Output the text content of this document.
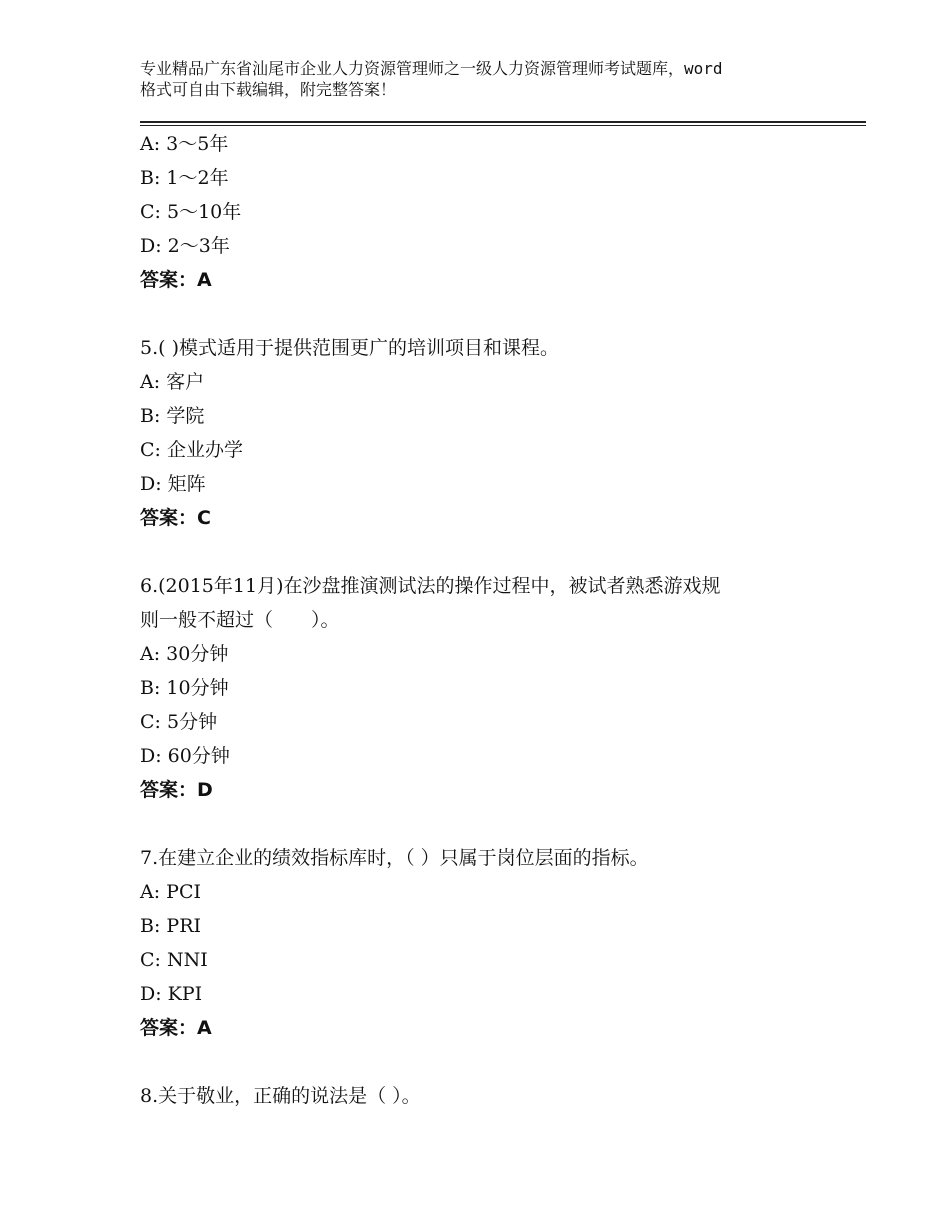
专业精品广东省汕尾市企业人力资源管理师之一级人力资源管理师考试题库，word
格式可自由下载编辑，附完整答案！
A: 3～5年
B: 1～2年
C: 5～10年
D: 2～3年
答案：A
5.( )模式适用于提供范围更广的培训项目和课程。
A: 客户
B: 学院
C: 企业办学
D: 矩阵
答案：C
6.(2015年11月)在沙盘推演测试法的操作过程中，被试者熟悉游戏规
则一般不超过（　　）。
A: 30分钟
B: 10分钟
C: 5分钟
D: 60分钟
答案：D
7.在建立企业的绩效指标库时，（ ）只属于岗位层面的指标。
A: PCI
B: PRI
C: NNI
D: KPI
答案：A
8.关于敬业，正确的说法是（ ）。
